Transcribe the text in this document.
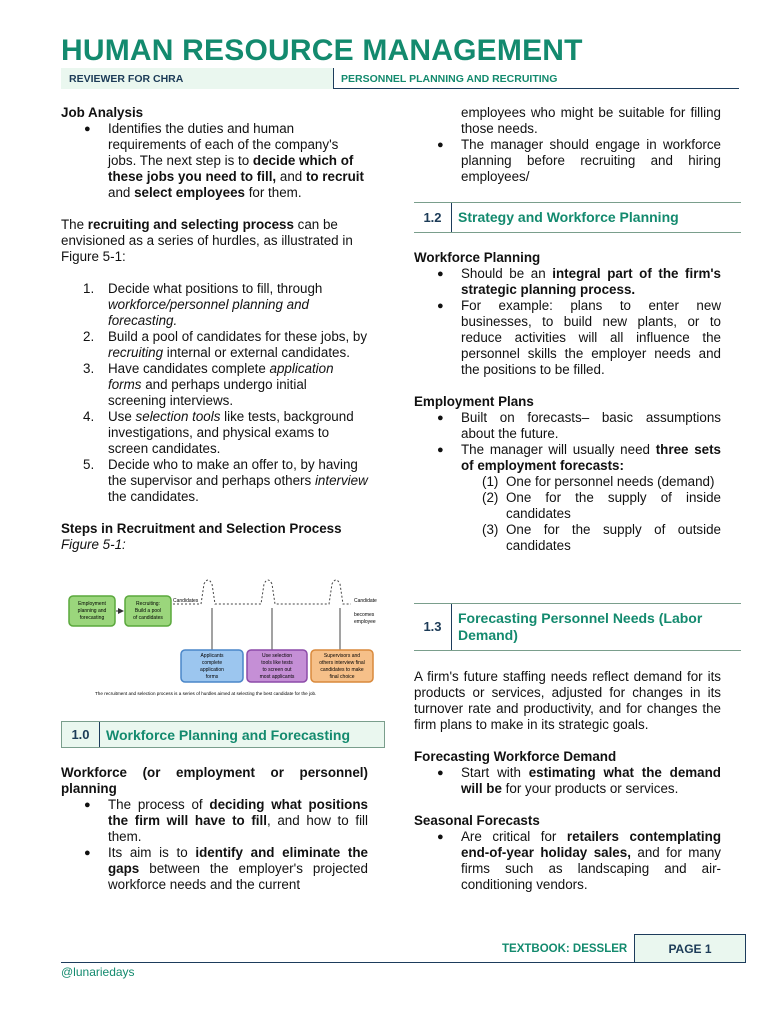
HUMAN RESOURCE MANAGEMENT
REVIEWER FOR CHRA	PERSONNEL PLANNING AND RECRUITING
Job Analysis
● Identifies the duties and human requirements of each of the company's jobs. The next step is to decide which of these jobs you need to fill, and to recruit and select employees for them.
The recruiting and selecting process can be envisioned as a series of hurdles, as illustrated in Figure 5-1:
1. Decide what positions to fill, through workforce/personnel planning and forecasting.
2. Build a pool of candidates for these jobs, by recruiting internal or external candidates.
3. Have candidates complete application forms and perhaps undergo initial screening interviews.
4. Use selection tools like tests, background investigations, and physical exams to screen candidates.
5. Decide who to make an offer to, by having the supervisor and perhaps others interview the candidates.
Steps in Recruitment and Selection Process
Figure 5-1:
Employment
planning and
forecasting
Recruiting:
Build a pool
of candidates
Candidates	Candidate
becomes
employee
Applicants
complete
application
forms
Use selection
tools like tests
to screen out
most applicants
Supervisors and
others interview final
candidates to make
final choice
The recruitment and selection process is a series of hurdles aimed at selecting the best candidate for the job.
1.0	Workforce Planning and Forecasting
Workforce (or employment or personnel) planning
● The process of deciding what positions the firm will have to fill, and how to fill them.
● Its aim is to identify and eliminate the gaps between the employer's projected workforce needs and the current
employees who might be suitable for filling those needs.
● The manager should engage in workforce planning before recruiting and hiring employees/
1.2	Strategy and Workforce Planning
Workforce Planning
● Should be an integral part of the firm's strategic planning process.
● For example: plans to enter new businesses, to build new plants, or to reduce activities will all influence the personnel skills the employer needs and the positions to be filled.
Employment Plans
● Built on forecasts– basic assumptions about the future.
● The manager will usually need three sets of employment forecasts:
(1) One for personnel needs (demand)
(2) One for the supply of inside candidates
(3) One for the supply of outside candidates
1.3
Forecasting Personnel Needs (Labor Demand)
A firm's future staffing needs reflect demand for its products or services, adjusted for changes in its turnover rate and productivity, and for changes the firm plans to make in its strategic goals.
Forecasting Workforce Demand
● Start with estimating what the demand will be for your products or services.
Seasonal Forecasts
● Are critical for retailers contemplating end-of-year holiday sales, and for many firms such as landscaping and air-conditioning vendors.
TEXTBOOK: DESSLER	PAGE 1
@lunariedays
